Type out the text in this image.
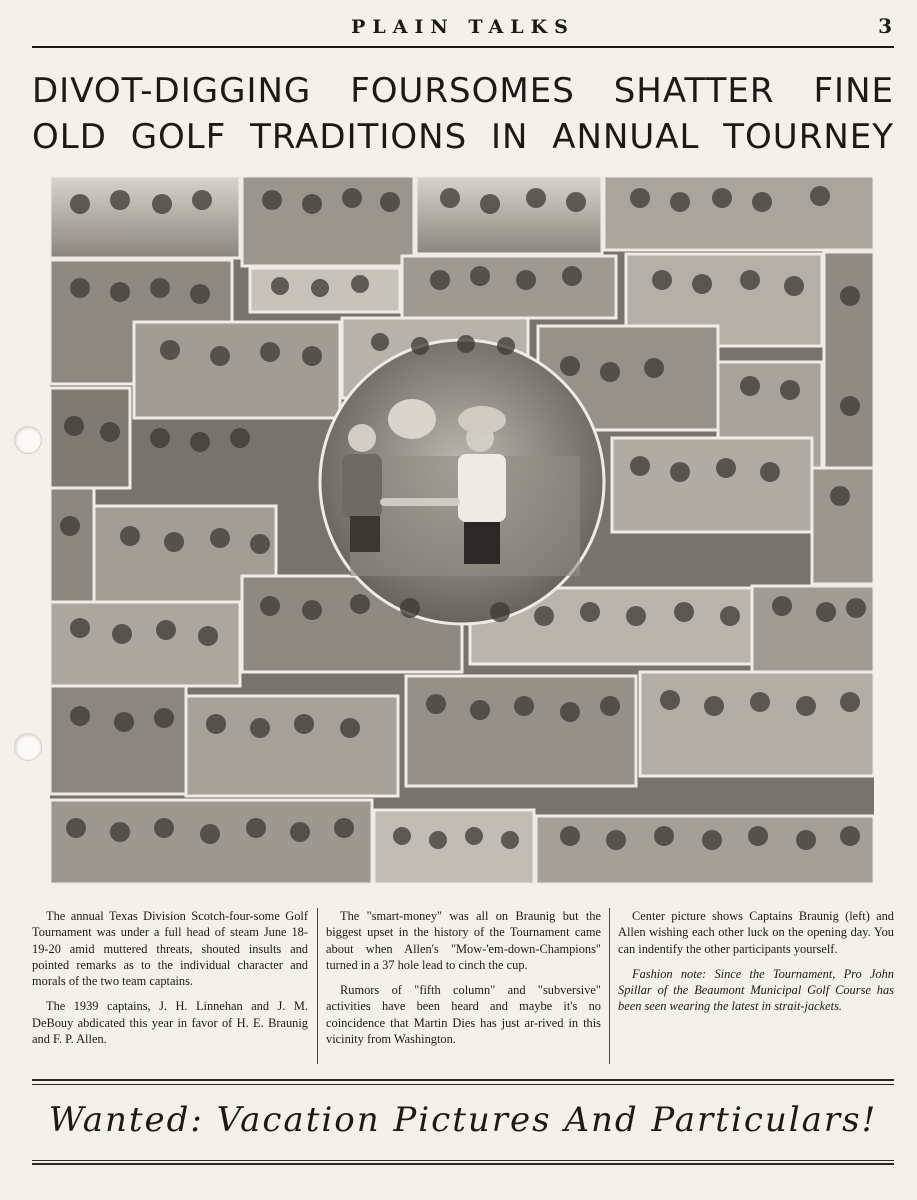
PLAIN TALKS	3
DIVOT-DIGGING FOURSOMES SHATTER FINE
OLD GOLF TRADITIONS IN ANNUAL TOURNEY

The annual Texas Division Scotch-four-some Golf Tournament was under a full head of steam June 18-19-20 amid muttered threats, shouted insults and pointed remarks as to the individual character and morals of the two team captains.

The 1939 captains, J. H. Linnehan and J. M. DeBouy abdicated this year in favor of H. E. Braunig and F. P. Allen.

The "smart-money" was all on Braunig but the biggest upset in the history of the Tournament came about when Allen's "Mow-'em-down-Champions" turned in a 37 hole lead to cinch the cup.

Rumors of "fifth column" and "subversive" activities have been heard and maybe it's no coincidence that Martin Dies has just ar-rived in this vicinity from Washington.

Center picture shows Captains Braunig (left) and Allen wishing each other luck on the opening day. You can indentify the other participants yourself.

Fashion note: Since the Tournament, Pro John Spillar of the Beaumont Municipal Golf Course has been seen wearing the latest in strait-jackets.

Wanted: Vacation Pictures And Particulars!
